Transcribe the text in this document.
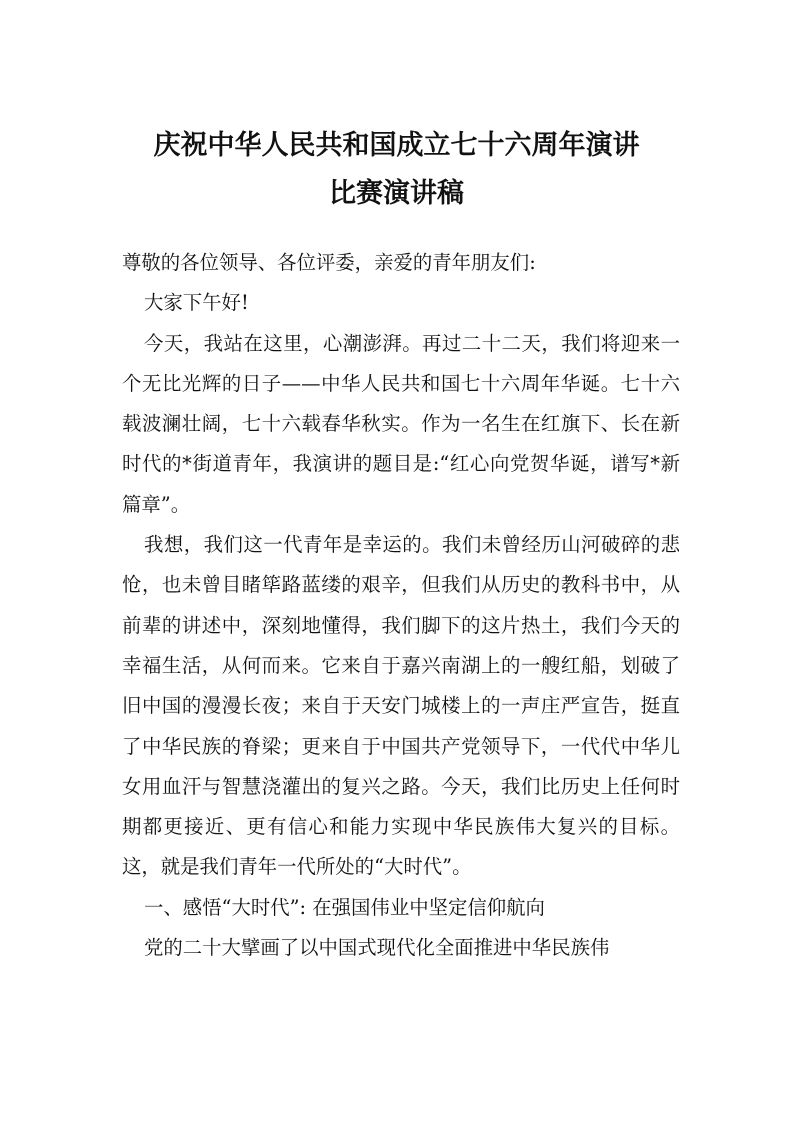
庆祝中华人民共和国成立七十六周年演讲
比赛演讲稿

尊敬的各位领导、各位评委，亲爱的青年朋友们:

大家下午好!

今天，我站在这里，心潮澎湃。再过二十二天，我们将迎来一个无比光辉的日子——中华人民共和国七十六周年华诞。七十六载波澜壮阔，七十六载春华秋实。作为一名生在红旗下、长在新时代的*街道青年，我演讲的题目是:“红心向党贺华诞，谱写*新篇章”。

我想，我们这一代青年是幸运的。我们未曾经历山河破碎的悲怆，也未曾目睹筚路蓝缕的艰辛，但我们从历史的教科书中，从前辈的讲述中，深刻地懂得，我们脚下的这片热土，我们今天的幸福生活，从何而来。它来自于嘉兴南湖上的一艘红船，划破了旧中国的漫漫长夜；来自于天安门城楼上的一声庄严宣告，挺直了中华民族的脊梁；更来自于中国共产党领导下，一代代中华儿女用血汗与智慧浇灌出的复兴之路。今天，我们比历史上任何时期都更接近、更有信心和能力实现中华民族伟大复兴的目标。这，就是我们青年一代所处的“大时代”。

一、感悟“大时代”: 在强国伟业中坚定信仰航向

党的二十大擘画了以中国式现代化全面推进中华民族伟
